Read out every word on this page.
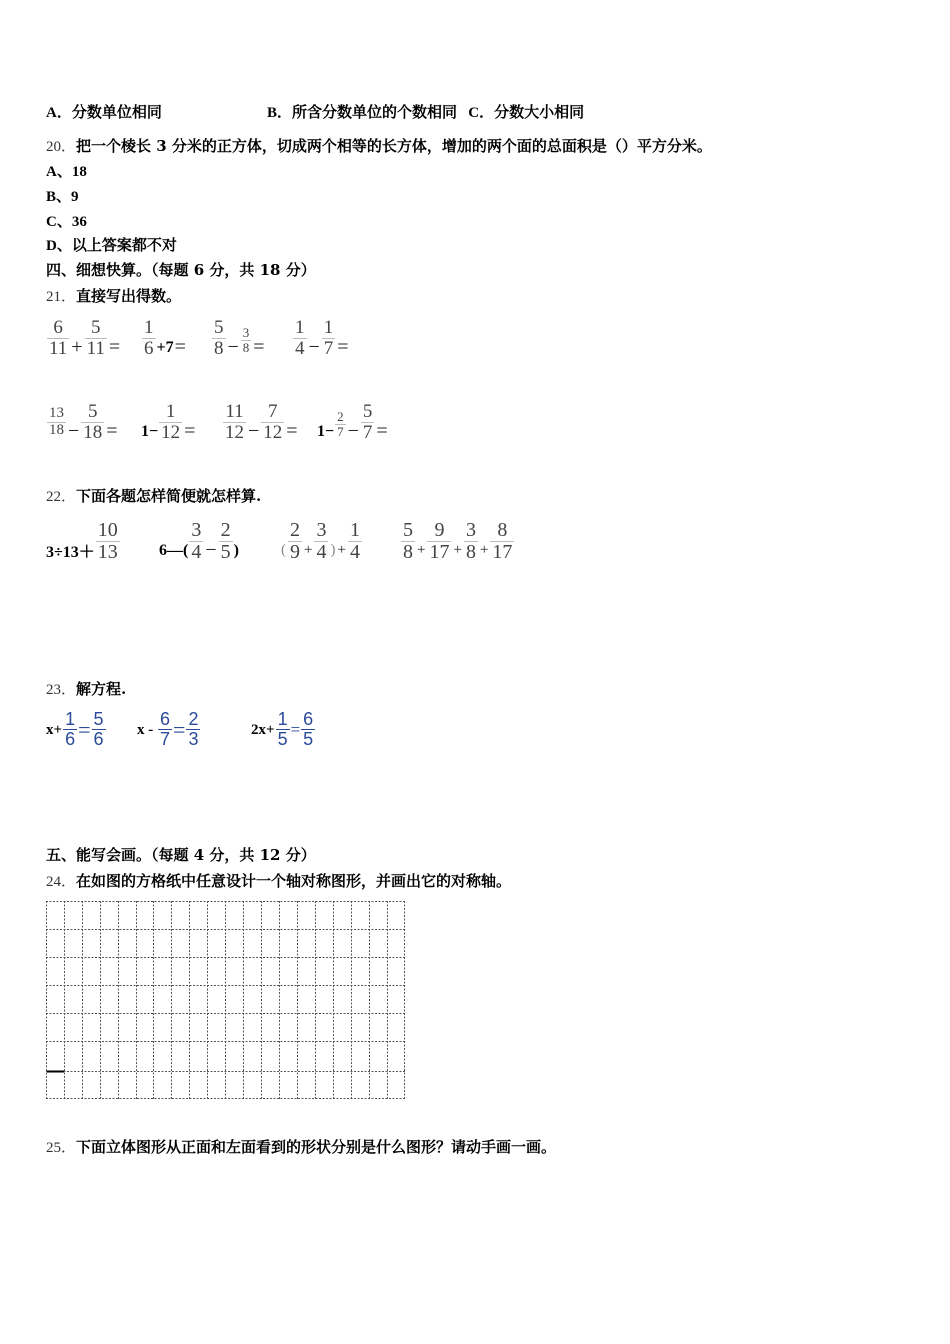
A．分数单位相同	B．所含分数单位的个数相同 C．分数大小相同
20．把一个棱长 3 分米的正方体，切成两个相等的长方体，增加的两个面的总面积是（）平方分米。
A、18
B、9
C、36
D、以上答案都不对
四、细想快算。（每题 6 分，共 18 分）
21．直接写出得数。
$\frac{6}{11} + \frac{5}{11} = \frac{1}{6} +7 = \frac{5}{8} - \frac{3}{8} = \frac{1}{4} - \frac{1}{7}$ =
$\frac{13}{18} - \frac{5}{18} = 1- \frac{1}{12} = \frac{11}{12} - \frac{7}{12} = 1- \frac{2}{7} - \frac{5}{7}$ =
22．下面各题怎样简便就怎样算.
$3\div 13+ \frac{10}{13}$ 6—( $\frac{3}{4} - \frac{2}{5}$ )	( $\frac{2}{9} + \frac{3}{4}$ ) + $\frac{1}{4} \frac{5}{8} + \frac{9}{17} + \frac{3}{8} + \frac{8}{17}$
23．解方程.
$x+ \frac{1}{6} = \frac{5}{6}$ $x - \frac{6}{7} = \frac{2}{3}$	$2x+ \frac{1}{5} = \frac{6}{5}$
五、能写会画。（每题 4 分，共 12 分）
24．在如图的方格纸中任意设计一个轴对称图形，并画出它的对称轴。
25．下面立体图形从正面和左面看到的形状分别是什么图形？请动手画一画。
